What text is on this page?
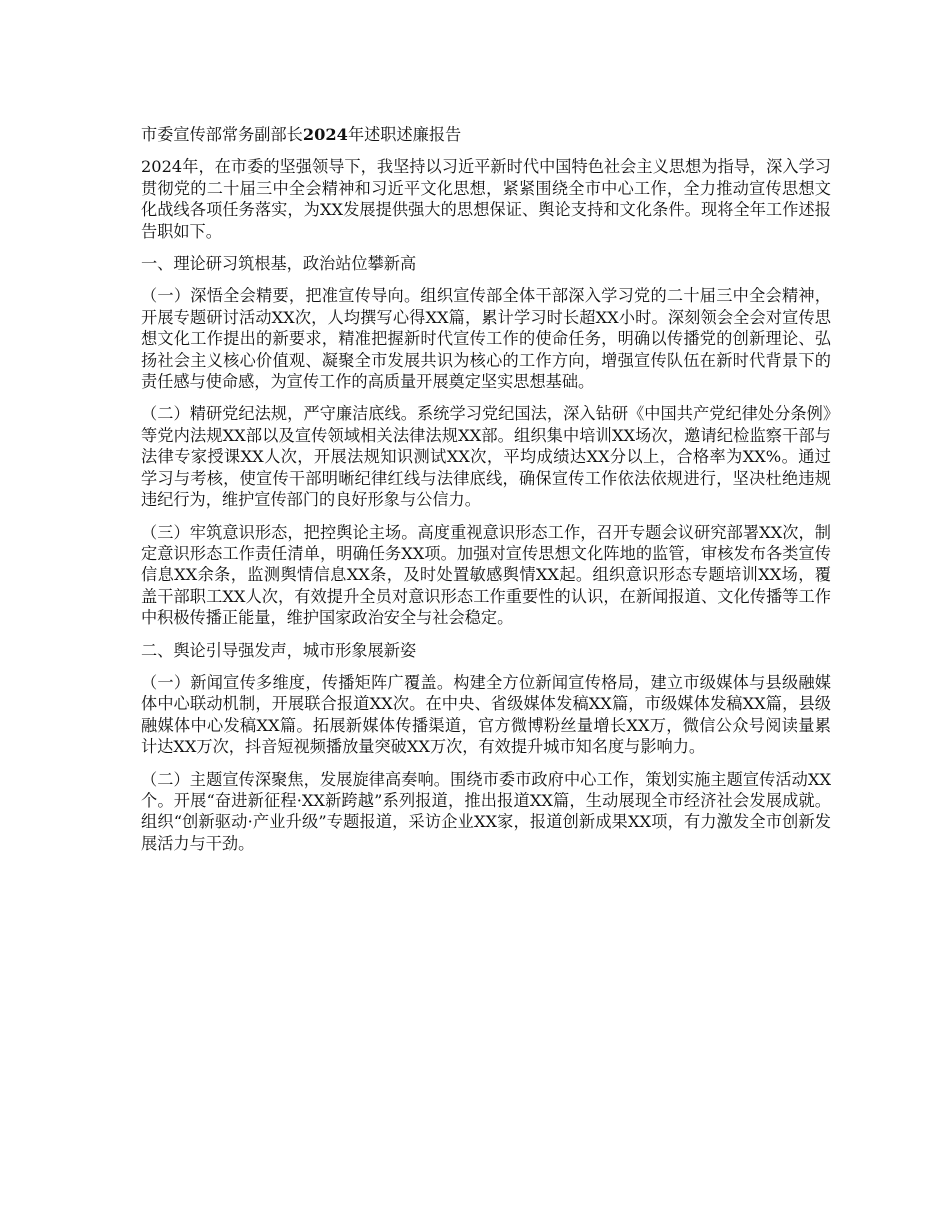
市委宣传部常务副部长2024年述职述廉报告

2024年，在市委的坚强领导下，我坚持以习近平新时代中国特色社会主义思想为指导，深入学习贯彻党的二十届三中全会精神和习近平文化思想，紧紧围绕全市中心工作，全力推动宣传思想文化战线各项任务落实，为XX发展提供强大的思想保证、舆论支持和文化条件。现将全年工作述报告职如下。

一、理论研习筑根基，政治站位攀新高

（一）深悟全会精要，把准宣传导向。组织宣传部全体干部深入学习党的二十届三中全会精神，开展专题研讨活动XX次，人均撰写心得XX篇，累计学习时长超XX小时。深刻领会全会对宣传思想文化工作提出的新要求，精准把握新时代宣传工作的使命任务，明确以传播党的创新理论、弘扬社会主义核心价值观、凝聚全市发展共识为核心的工作方向，增强宣传队伍在新时代背景下的责任感与使命感，为宣传工作的高质量开展奠定坚实思想基础。

（二）精研党纪法规，严守廉洁底线。系统学习党纪国法，深入钻研《中国共产党纪律处分条例》等党内法规XX部以及宣传领域相关法律法规XX部。组织集中培训XX场次，邀请纪检监察干部与法律专家授课XX人次，开展法规知识测试XX次，平均成绩达XX分以上，合格率为XX%。通过学习与考核，使宣传干部明晰纪律红线与法律底线，确保宣传工作依法依规进行，坚决杜绝违规违纪行为，维护宣传部门的良好形象与公信力。

（三）牢筑意识形态，把控舆论主场。高度重视意识形态工作，召开专题会议研究部署XX次，制定意识形态工作责任清单，明确任务XX项。加强对宣传思想文化阵地的监管，审核发布各类宣传信息XX余条，监测舆情信息XX条，及时处置敏感舆情XX起。组织意识形态专题培训XX场，覆盖干部职工XX人次，有效提升全员对意识形态工作重要性的认识，在新闻报道、文化传播等工作中积极传播正能量，维护国家政治安全与社会稳定。

二、舆论引导强发声，城市形象展新姿

（一）新闻宣传多维度，传播矩阵广覆盖。构建全方位新闻宣传格局，建立市级媒体与县级融媒体中心联动机制，开展联合报道XX次。在中央、省级媒体发稿XX篇，市级媒体发稿XX篇，县级融媒体中心发稿XX篇。拓展新媒体传播渠道，官方微博粉丝量增长XX万，微信公众号阅读量累计达XX万次，抖音短视频播放量突破XX万次，有效提升城市知名度与影响力。

（二）主题宣传深聚焦，发展旋律高奏响。围绕市委市政府中心工作，策划实施主题宣传活动XX个。开展“奋进新征程·XX新跨越”系列报道，推出报道XX篇，生动展现全市经济社会发展成就。组织“创新驱动·产业升级”专题报道，采访企业XX家，报道创新成果XX项，有力激发全市创新发展活力与干劲。
